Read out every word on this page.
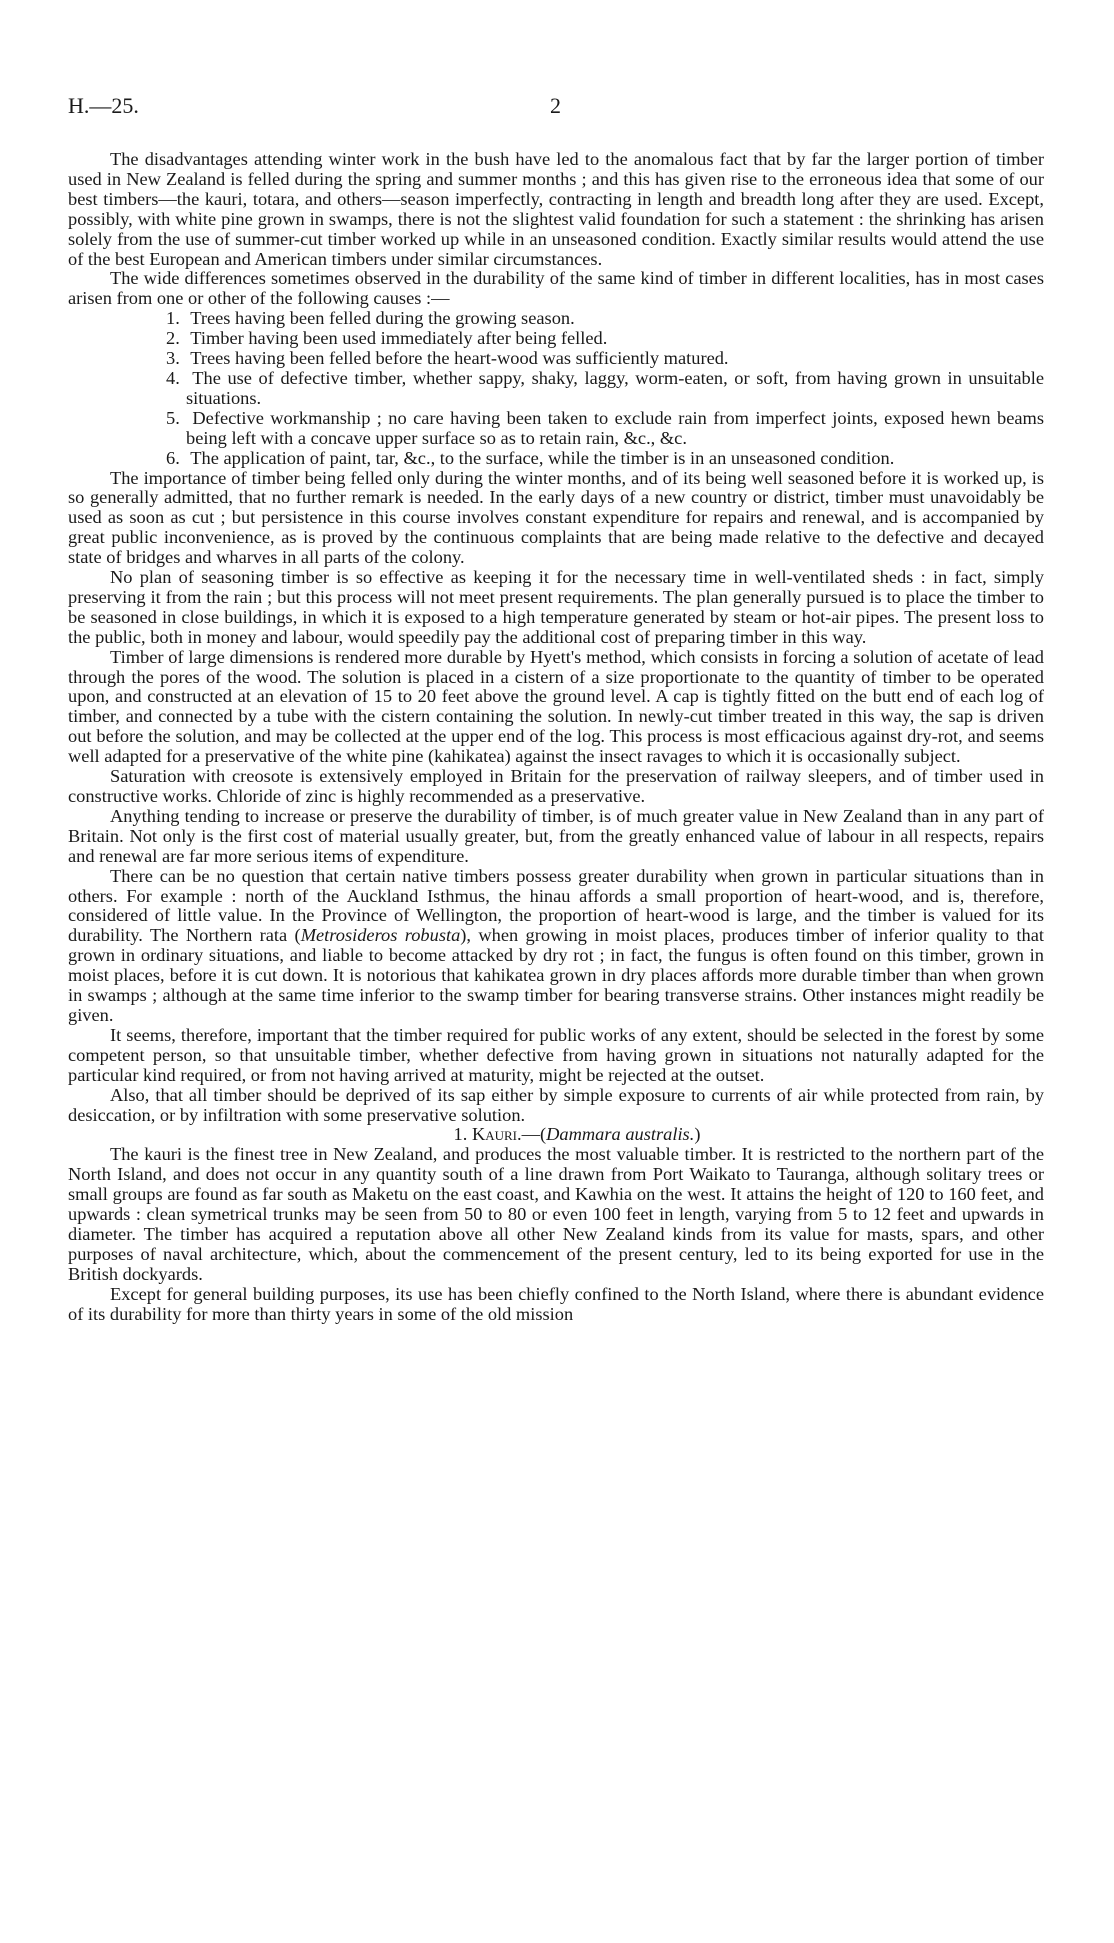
H.—25.	2

The disadvantages attending winter work in the bush have led to the anomalous fact that by far the larger portion of timber used in New Zealand is felled during the spring and summer months ; and this has given rise to the erroneous idea that some of our best timbers—the kauri, totara, and others—season imperfectly, contracting in length and breadth long after they are used. Except, possibly, with white pine grown in swamps, there is not the slightest valid foundation for such a statement : the shrinking has arisen solely from the use of summer-cut timber worked up while in an unseasoned condition. Exactly similar results would attend the use of the best European and American timbers under similar circumstances.

The wide differences sometimes observed in the durability of the same kind of timber in different localities, has in most cases arisen from one or other of the following causes :—

1. Trees having been felled during the growing season.
2. Timber having been used immediately after being felled.
3. Trees having been felled before the heart-wood was sufficiently matured.
4. The use of defective timber, whether sappy, shaky, laggy, worm-eaten, or soft, from having grown in unsuitable situations.
5. Defective workmanship ; no care having been taken to exclude rain from imperfect joints, exposed hewn beams being left with a concave upper surface so as to retain rain, &c., &c.
6. The application of paint, tar, &c., to the surface, while the timber is in an unseasoned condition.

The importance of timber being felled only during the winter months, and of its being well seasoned before it is worked up, is so generally admitted, that no further remark is needed. In the early days of a new country or district, timber must unavoidably be used as soon as cut ; but persistence in this course involves constant expenditure for repairs and renewal, and is accompanied by great public inconvenience, as is proved by the continuous complaints that are being made relative to the defective and decayed state of bridges and wharves in all parts of the colony.

No plan of seasoning timber is so effective as keeping it for the necessary time in well-ventilated sheds : in fact, simply preserving it from the rain ; but this process will not meet present requirements. The plan generally pursued is to place the timber to be seasoned in close buildings, in which it is exposed to a high temperature generated by steam or hot-air pipes. The present loss to the public, both in money and labour, would speedily pay the additional cost of preparing timber in this way.

Timber of large dimensions is rendered more durable by Hyett's method, which consists in forcing a solution of acetate of lead through the pores of the wood. The solution is placed in a cistern of a size proportionate to the quantity of timber to be operated upon, and constructed at an elevation of 15 to 20 feet above the ground level. A cap is tightly fitted on the butt end of each log of timber, and connected by a tube with the cistern containing the solution. In newly-cut timber treated in this way, the sap is driven out before the solution, and may be collected at the upper end of the log. This process is most efficacious against dry-rot, and seems well adapted for a preservative of the white pine (kahikatea) against the insect ravages to which it is occasionally subject.

Saturation with creosote is extensively employed in Britain for the preservation of railway sleepers, and of timber used in constructive works. Chloride of zinc is highly recommended as a preservative.

Anything tending to increase or preserve the durability of timber, is of much greater value in New Zealand than in any part of Britain. Not only is the first cost of material usually greater, but, from the greatly enhanced value of labour in all respects, repairs and renewal are far more serious items of expenditure.

There can be no question that certain native timbers possess greater durability when grown in particular situations than in others. For example : north of the Auckland Isthmus, the hinau affords a small proportion of heart-wood, and is, therefore, considered of little value. In the Province of Wellington, the proportion of heart-wood is large, and the timber is valued for its durability. The Northern rata (Metrosideros robusta), when growing in moist places, produces timber of inferior quality to that grown in ordinary situations, and liable to become attacked by dry rot ; in fact, the fungus is often found on this timber, grown in moist places, before it is cut down. It is notorious that kahikatea grown in dry places affords more durable timber than when grown in swamps ; although at the same time inferior to the swamp timber for bearing transverse strains. Other instances might readily be given.

It seems, therefore, important that the timber required for public works of any extent, should be selected in the forest by some competent person, so that unsuitable timber, whether defective from having grown in situations not naturally adapted for the particular kind required, or from not having arrived at maturity, might be rejected at the outset.

Also, that all timber should be deprived of its sap either by simple exposure to currents of air while protected from rain, by desiccation, or by infiltration with some preservative solution.

1. Kauri.—(Dammara australis.)

The kauri is the finest tree in New Zealand, and produces the most valuable timber. It is restricted to the northern part of the North Island, and does not occur in any quantity south of a line drawn from Port Waikato to Tauranga, although solitary trees or small groups are found as far south as Maketu on the east coast, and Kawhia on the west. It attains the height of 120 to 160 feet, and upwards : clean symetrical trunks may be seen from 50 to 80 or even 100 feet in length, varying from 5 to 12 feet and upwards in diameter. The timber has acquired a reputation above all other New Zealand kinds from its value for masts, spars, and other purposes of naval architecture, which, about the commencement of the present century, led to its being exported for use in the British dockyards.

Except for general building purposes, its use has been chiefly confined to the North Island, where there is abundant evidence of its durability for more than thirty years in some of the old mission
